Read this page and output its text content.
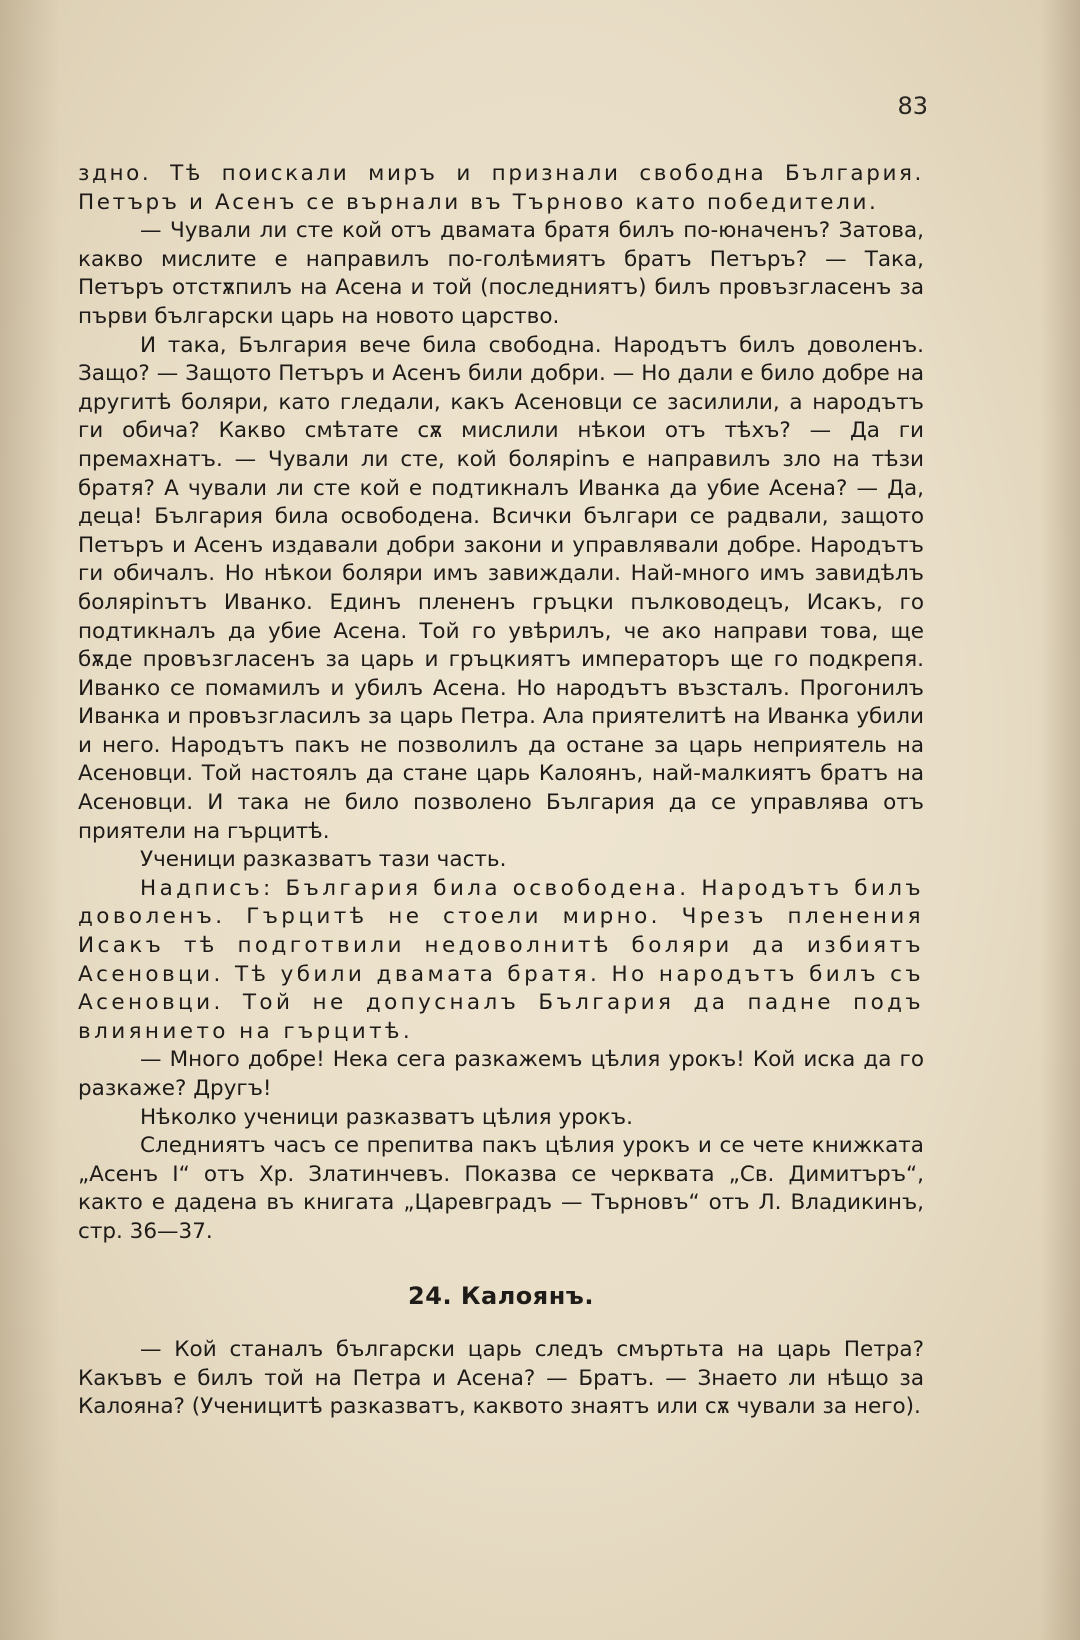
83

здно. Тѣ поискали миръ и признали свободна България. Петъръ и Асенъ се върнали въ Търново като победители.

— Чували ли сте кой отъ двамата братя билъ по-юначенъ? Затова, какво мислите е направилъ по-голѣмиятъ братъ Петъръ? — Така, Петъръ отстѫпилъ на Асена и той (последниятъ) билъ провъзгласенъ за първи български царь на новото царство.

И така, България вече била свободна. Народътъ билъ доволенъ. Защо? — Защото Петъръ и Асенъ били добри. — Но дали е било добре на другитѣ боляри, като гледали, какъ Асеновци се засилили, а народътъ ги обича? Какво смѣтате сѫ мислили нѣкои отъ тѣхъ? — Да ги премахнатъ. — Чували ли сте, кой болярinъ е направилъ зло на тѣзи братя? А чували ли сте кой е подтикналъ Иванка да убие Асена? — Да, деца! България била освободена. Всички българи се радвали, защото Петъръ и Асенъ издавали добри закони и управлявали добре. Народътъ ги обичалъ. Но нѣкои боляри имъ завиждали. Най-много имъ завидѣлъ болярinътъ Иванко. Единъ плененъ гръцки пълководецъ, Исакъ, го подтикналъ да убие Асена. Той го увѣрилъ, че ако направи това, ще бѫде провъзгласенъ за царь и гръцкиятъ императоръ ще го подкрепя. Иванко се помамилъ и убилъ Асена. Но народътъ възсталъ. Прогонилъ Иванка и провъзгласилъ за царь Петра. Ала приятелитѣ на Иванка убили и него. Народътъ пакъ не позволилъ да остане за царь неприятель на Асеновци. Той настоялъ да стане царь Калоянъ, най-малкиятъ братъ на Асеновци. И така не било позволено България да се управлява отъ приятели на гърцитѣ.

Ученици разказватъ тази часть.

Надписъ: България била освободена. Народътъ билъ доволенъ. Гърцитѣ не стоели мирно. Чрезъ пленения Исакъ тѣ подготвили недоволнитѣ боляри да избиятъ Асеновци. Тѣ убили двамата братя. Но народътъ билъ съ Асеновци. Той не допусналъ България да падне подъ влиянието на гърцитѣ.

— Много добре! Нека сега разкажемъ цѣлия урокъ! Кой иска да го разкаже? Другъ!

Нѣколко ученици разказватъ цѣлия урокъ.

Следниятъ часъ се препитва пакъ цѣлия урокъ и се чете книжката „Асенъ I“ отъ Хр. Златинчевъ. Показва се черквата „Св. Димитъръ“, както е дадена въ книгата „Царевградъ — Търновъ“ отъ Л. Владикинъ, стр. 36—37.

24. Калоянъ.

— Кой станалъ български царь следъ смъртьта на царь Петра? Какъвъ е билъ той на Петра и Асена? — Братъ. — Знаето ли нѣщо за Калояна? (Ученицитѣ разказватъ, каквото знаятъ или сѫ чували за него).
